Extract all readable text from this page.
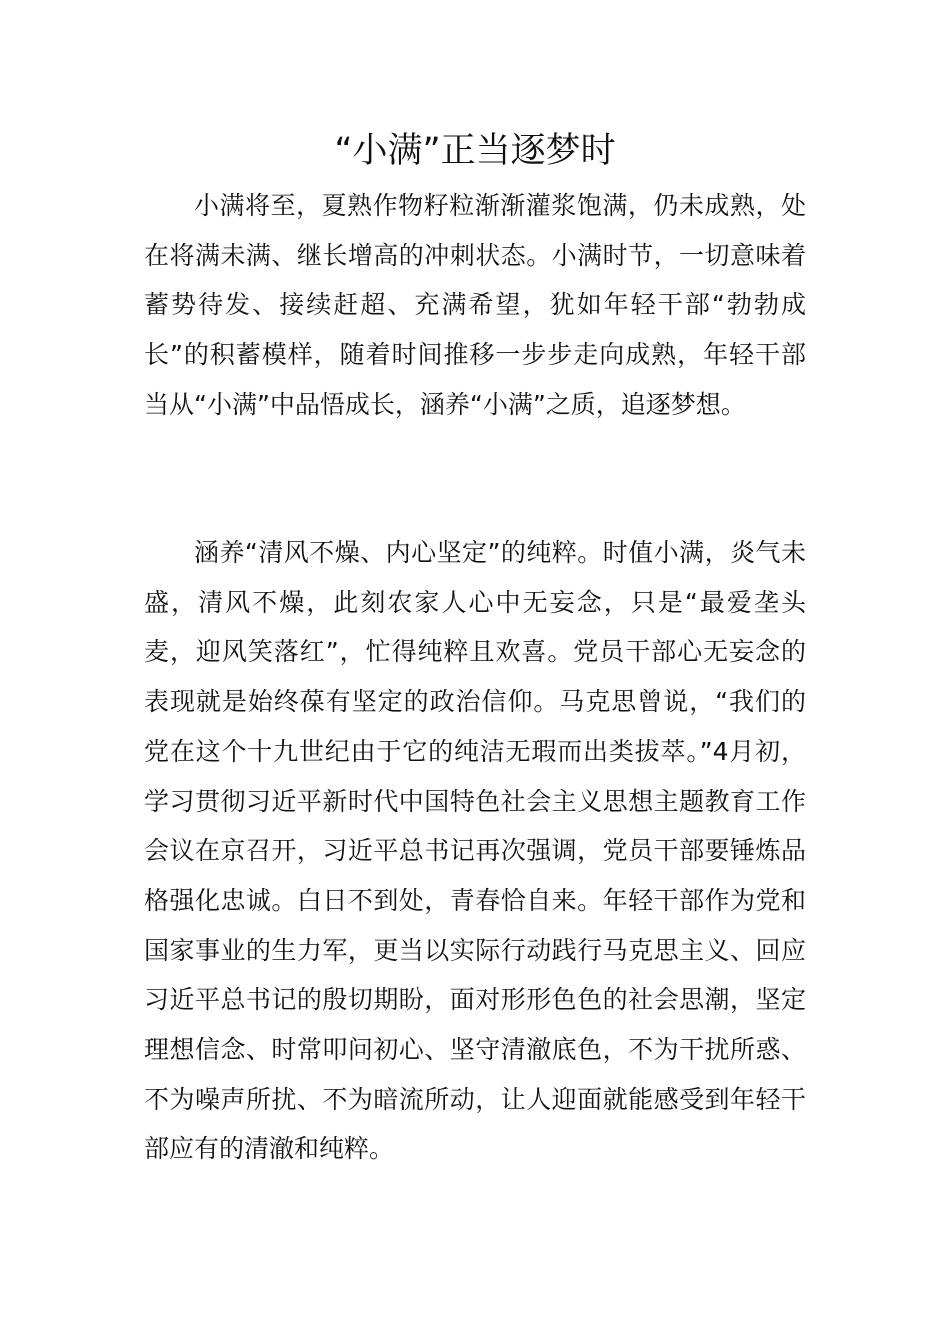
“小满”正当逐梦时

小满将至，夏熟作物籽粒渐渐灌浆饱满，仍未成熟，处在将满未满、继长增高的冲刺状态。小满时节，一切意味着蓄势待发、接续赶超、充满希望，犹如年轻干部“勃勃成长”的积蓄模样，随着时间推移一步步走向成熟，年轻干部当从“小满”中品悟成长，涵养“小满”之质，追逐梦想。

涵养“清风不燥、内心坚定”的纯粹。时值小满，炎气未盛，清风不燥，此刻农家人心中无妄念，只是“最爱垄头麦，迎风笑落红”，忙得纯粹且欢喜。党员干部心无妄念的表现就是始终葆有坚定的政治信仰。马克思曾说，“我们的党在这个十九世纪由于它的纯洁无瑕而出类拔萃。”4月初，学习贯彻习近平新时代中国特色社会主义思想主题教育工作会议在京召开，习近平总书记再次强调，党员干部要锤炼品格强化忠诚。白日不到处，青春恰自来。年轻干部作为党和国家事业的生力军，更当以实际行动践行马克思主义、回应习近平总书记的殷切期盼，面对形形色色的社会思潮，坚定理想信念、时常叩问初心、坚守清澈底色，不为干扰所惑、不为噪声所扰、不为暗流所动，让人迎面就能感受到年轻干部应有的清澈和纯粹。
